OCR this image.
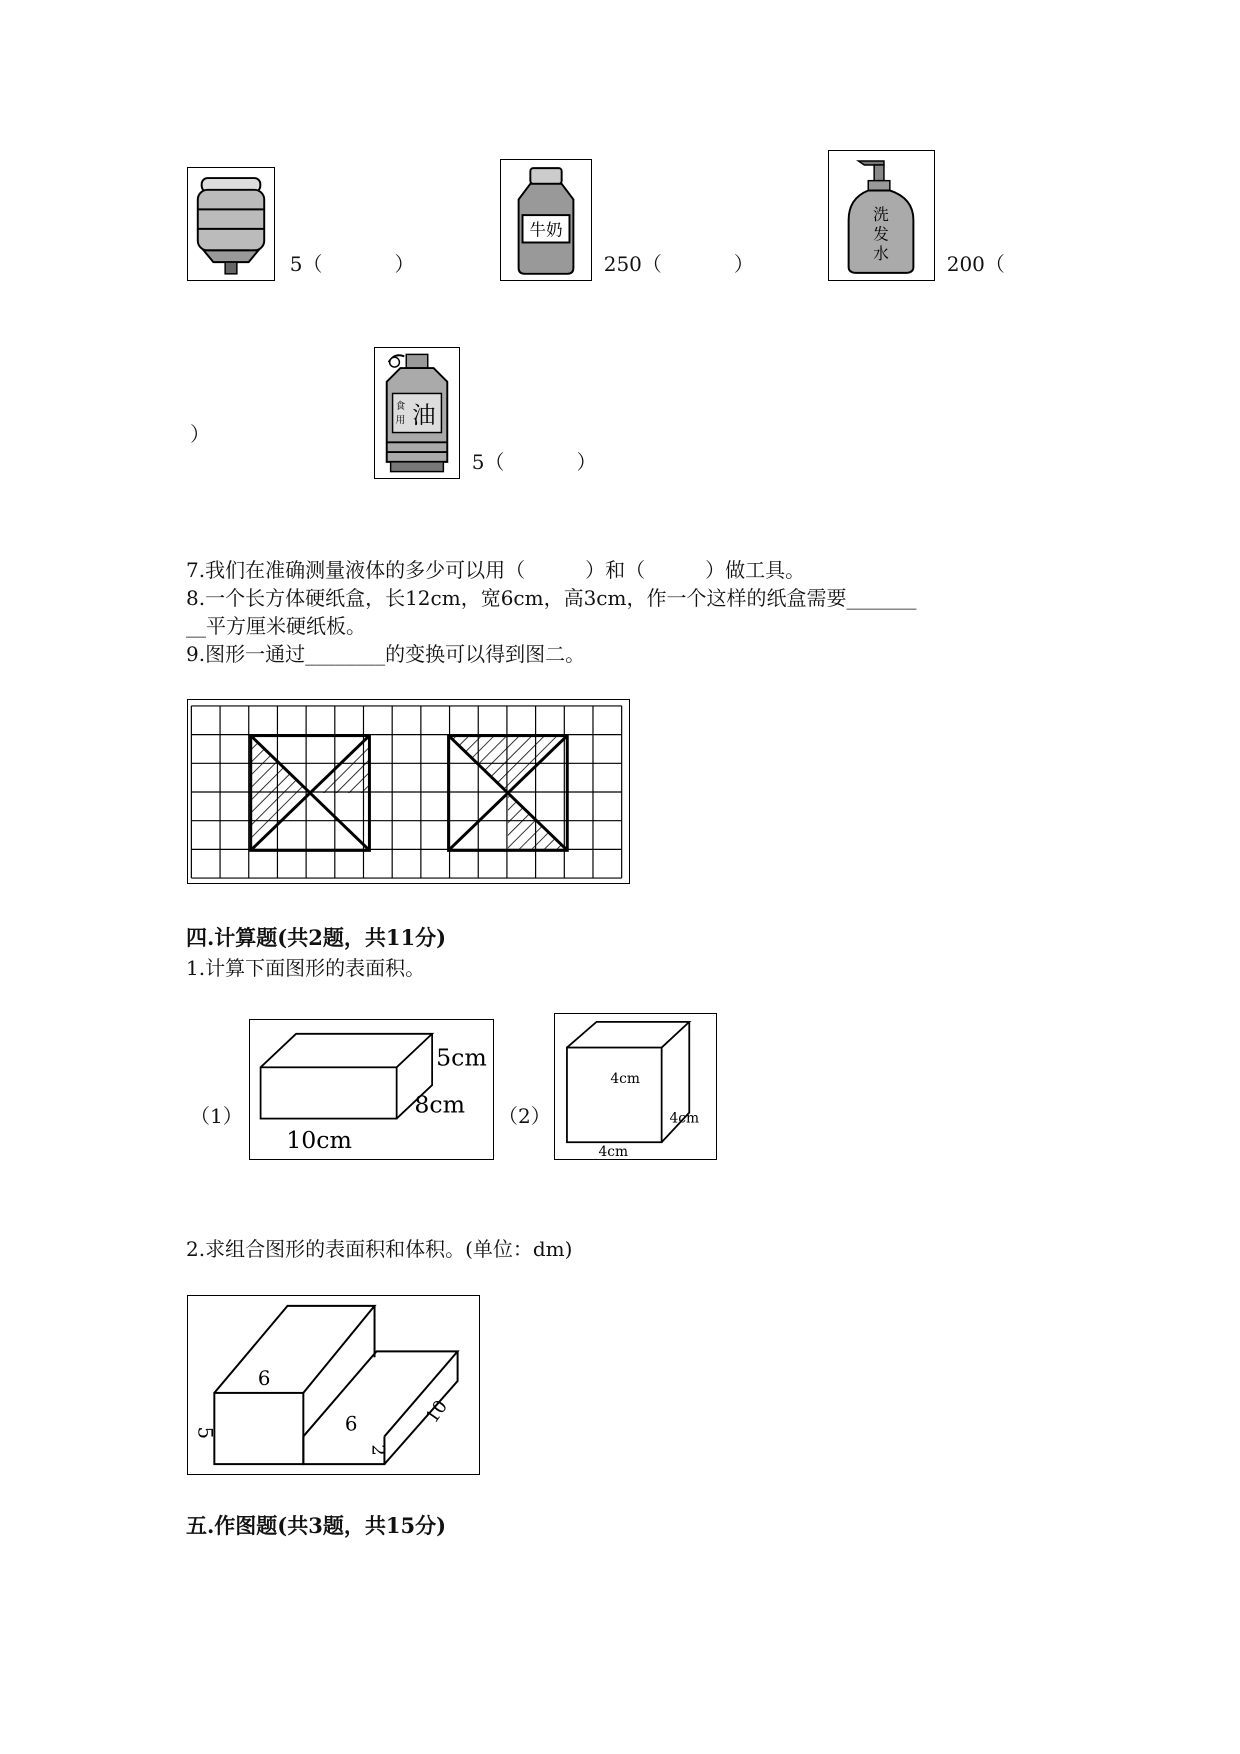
5（	）

牛奶

250（	）

洗
发
水	200（

）
食
用 油

5（	）

7.我们在准确测量液体的多少可以用（　　　）和（　　　）做工具。
8.一个长方体硬纸盒，长12cm，宽6cm，高3cm，作一个这样的纸盒需要_______
__平方厘米硬纸板。
9.图形一通过________的变换可以得到图二。
四.计算题(共2题，共11分)
1.计算下面图形的表面积。
（1）
5cm
8cm
10cm
（2）
4cm
4cm
4cm
2.求组合图形的表面积和体积。(单位：dm)
6
5	6
2
10
五.作图题(共3题，共15分)
